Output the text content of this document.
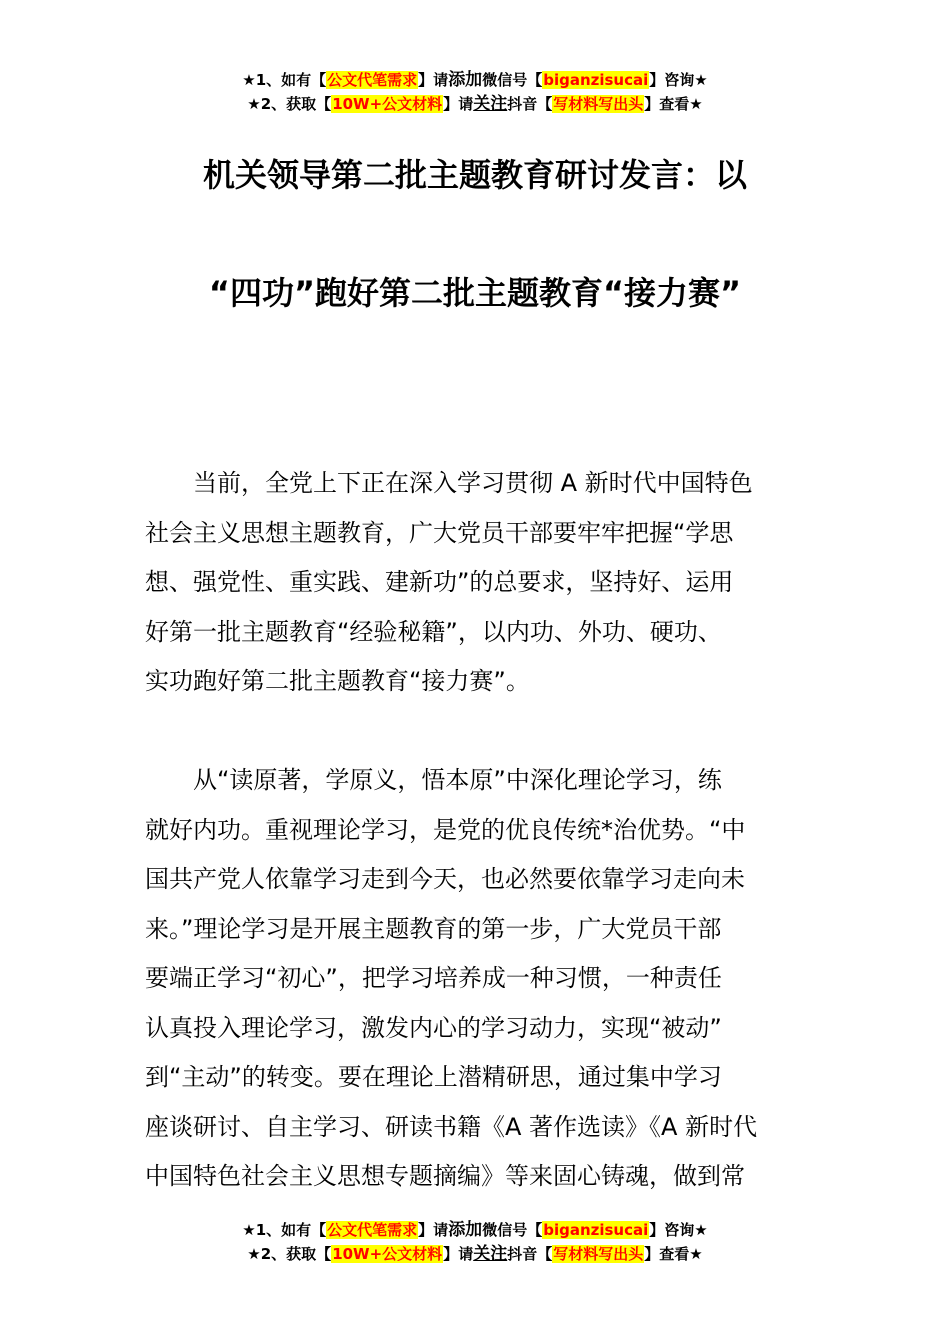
★1、如有【公文代笔需求】请添加微信号【biganzisucai】咨询★
★2、获取【10W+公文材料】请关注抖音【写材料写出头】查看★
机关领导第二批主题教育研讨发言：以
“四功”跑好第二批主题教育“接力赛”
　　当前，全党上下正在深入学习贯彻 A 新时代中国特色
社会主义思想主题教育，广大党员干部要牢牢把握“学思
想、强党性、重实践、建新功”的总要求，坚持好、运用
好第一批主题教育“经验秘籍”，以内功、外功、硬功、
实功跑好第二批主题教育“接力赛”。
　　从“读原著，学原义，悟本原”中深化理论学习，练
就好内功。重视理论学习，是党的优良传统*治优势。“中
国共产党人依靠学习走到今天，也必然要依靠学习走向未
来。”理论学习是开展主题教育的第一步，广大党员干部
要端正学习“初心”，把学习培养成一种习惯，一种责任
认真投入理论学习，激发内心的学习动力，实现“被动”
到“主动”的转变。要在理论上潜精研思，通过集中学习
座谈研讨、自主学习、研读书籍《A 著作选读》《A 新时代
中国特色社会主义思想专题摘编》等来固心铸魂，做到常
★1、如有【公文代笔需求】请添加微信号【biganzisucai】咨询★
★2、获取【10W+公文材料】请关注抖音【写材料写出头】查看★
